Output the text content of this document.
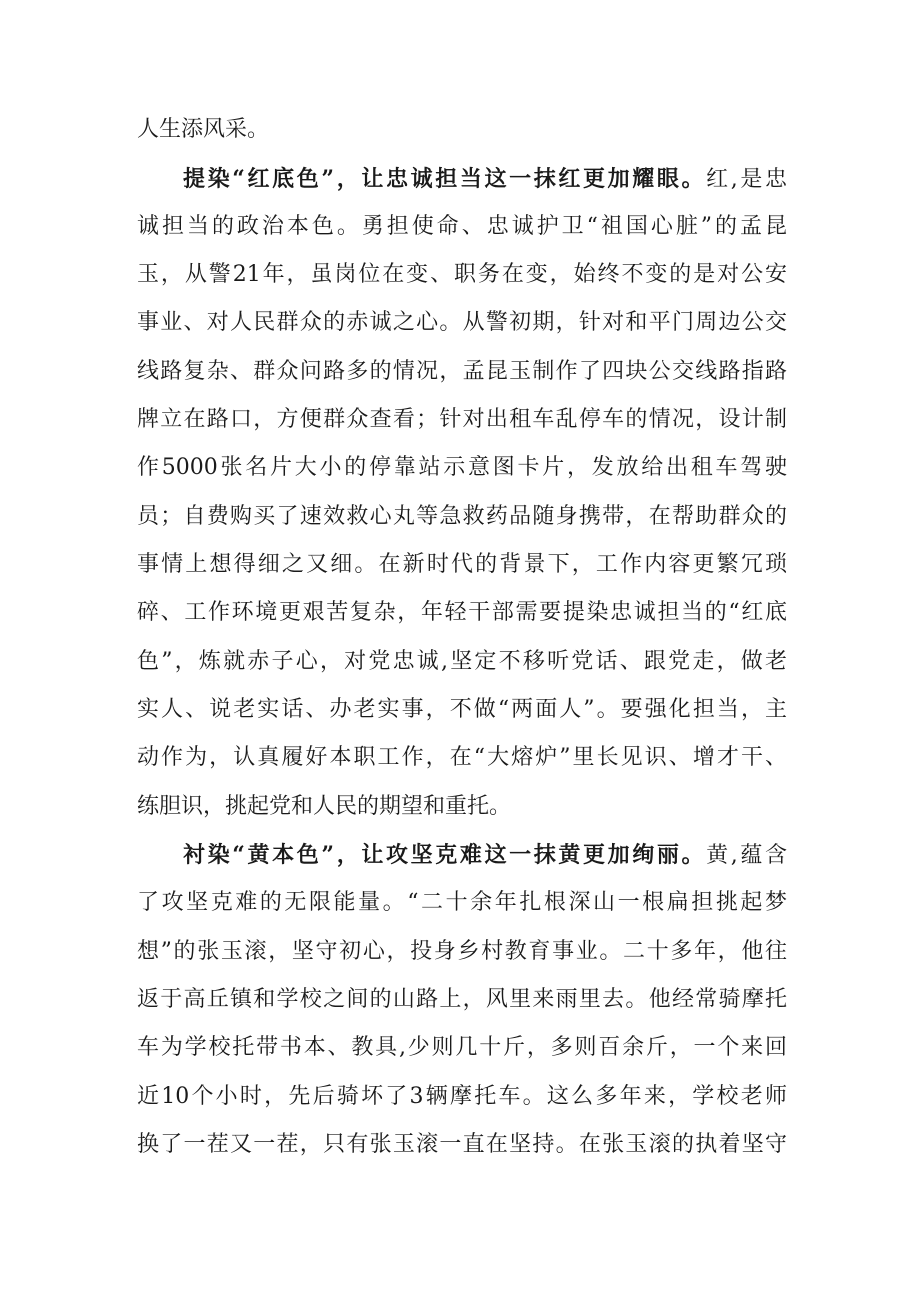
人生添风采。
提染“红底色”，让忠诚担当这一抹红更加耀眼。红,是忠
诚担当的政治本色。勇担使命、忠诚护卫“祖国心脏”的孟昆
玉，从警21年，虽岗位在变、职务在变，始终不变的是对公安
事业、对人民群众的赤诚之心。从警初期，针对和平门周边公交
线路复杂、群众问路多的情况，孟昆玉制作了四块公交线路指路
牌立在路口，方便群众查看；针对出租车乱停车的情况，设计制
作5000张名片大小的停靠站示意图卡片，发放给出租车驾驶
员；自费购买了速效救心丸等急救药品随身携带，在帮助群众的
事情上想得细之又细。在新时代的背景下，工作内容更繁冗琐
碎、工作环境更艰苦复杂，年轻干部需要提染忠诚担当的“红底
色”，炼就赤子心，对党忠诚,坚定不移听党话、跟党走，做老
实人、说老实话、办老实事，不做“两面人”。要强化担当，主
动作为，认真履好本职工作，在“大熔炉”里长见识、增才干、
练胆识，挑起党和人民的期望和重托。
衬染“黄本色”，让攻坚克难这一抹黄更加绚丽。黄,蕴含
了攻坚克难的无限能量。“二十余年扎根深山一根扁担挑起梦
想”的张玉滚，坚守初心，投身乡村教育事业。二十多年，他往
返于高丘镇和学校之间的山路上，风里来雨里去。他经常骑摩托
车为学校托带书本、教具,少则几十斤，多则百余斤，一个来回
近10个小时，先后骑坏了3辆摩托车。这么多年来，学校老师
换了一茬又一茬，只有张玉滚一直在坚持。在张玉滚的执着坚守
